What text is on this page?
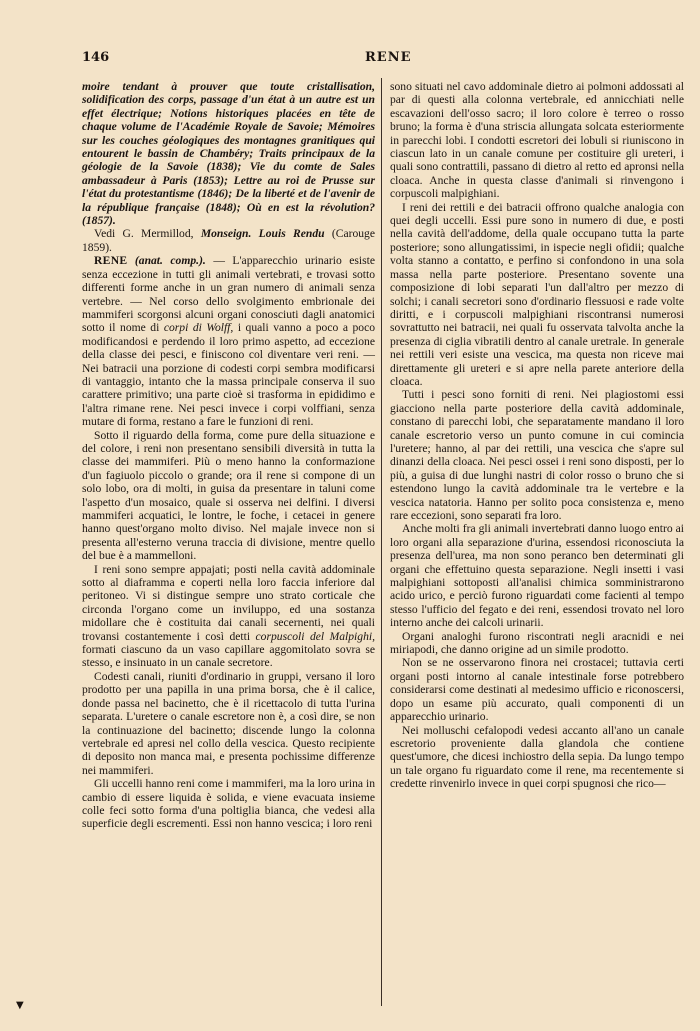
146	RENE

moire tendant à prouver que toute cristallisation, solidification des corps, passage d'un état à un autre est un effet électrique; Notions historiques placées en tête de chaque volume de l'Académie Royale de Savoie; Mémoires sur les couches géologiques des montagnes granitiques qui entourent le bassin de Chambéry; Traits principaux de la géologie de la Savoie (1838); Vie du comte de Sales ambassadeur à Paris (1853); Lettre au roi de Prusse sur l'état du protestantisme (1846); De la liberté et de l'avenir de la république française (1848); Où en est la révolution? (1857).

Vedi G. Mermillod, Monseign. Louis Rendu (Carouge 1859).

RENE (anat. comp.). — L'apparecchio urinario esiste senza eccezione in tutti gli animali vertebrati, e trovasi sotto differenti forme anche in un gran numero di animali senza vertebre. — Nel corso dello svolgimento embrionale dei mammiferi scorgonsi alcuni organi conosciuti dagli anatomici sotto il nome di corpi di Wolff, i quali vanno a poco a poco modificandosi e perdendo il loro primo aspetto, ad eccezione della classe dei pesci, e finiscono col diventare veri reni. — Nei batracii una porzione di codesti corpi sembra modificarsi di vantaggio, intanto che la massa principale conserva il suo carattere primitivo; una parte cioè si trasforma in epididimo e l'altra rimane rene. Nei pesci invece i corpi volffiani, senza mutare di forma, restano a fare le funzioni di reni.

Sotto il riguardo della forma, come pure della situazione e del colore, i reni non presentano sensibili diversità in tutta la classe dei mammiferi. Più o meno hanno la conformazione d'un fagiuolo piccolo o grande; ora il rene si compone di un solo lobo, ora di molti, in guisa da presentare in taluni come l'aspetto d'un mosaico, quale si osserva nei delfini. I diversi mammiferi acquatici, le lontre, le foche, i cetacei in genere hanno quest'organo molto diviso. Nel majale invece non si presenta all'esterno veruna traccia di divisione, mentre quello del bue è a mammelloni.

I reni sono sempre appajati; posti nella cavità addominale sotto al diaframma e coperti nella loro faccia inferiore dal peritoneo. Vi si distingue sempre uno strato corticale che circonda l'organo come un inviluppo, ed una sostanza midollare che è costituita dai canali secernenti, nei quali trovansi costantemente i così detti corpuscoli del Malpighi, formati ciascuno da un vaso capillare aggomitolato sovra se stesso, e insinuato in un canale secretore.

Codesti canali, riuniti d'ordinario in gruppi, versano il loro prodotto per una papilla in una prima borsa, che è il calice, donde passa nel bacinetto, che è il ricettacolo di tutta l'urina separata. L'uretere o canale escretore non è, a così dire, se non la continuazione del bacinetto; discende lungo la colonna vertebrale ed apresi nel collo della vescica. Questo recipiente di deposito non manca mai, e presenta pochissime differenze nei mammiferi.

Gli uccelli hanno reni come i mammiferi, ma la loro urina in cambio di essere liquida è solida, e viene evacuata insieme colle feci sotto forma d'una poltiglia bianca, che vedesi alla superficie degli escrementi. Essi non hanno vescica; i loro reni

sono situati nel cavo addominale dietro ai polmoni addossati al par di questi alla colonna vertebrale, ed annicchiati nelle escavazioni dell'osso sacro; il loro colore è terreo o rosso bruno; la forma è d'una striscia allungata solcata esteriormente in parecchi lobi. I condotti escretori dei lobuli si riuniscono in ciascun lato in un canale comune per costituire gli ureteri, i quali sono contrattili, passano di dietro al retto ed apronsi nella cloaca. Anche in questa classe d'animali si rinvengono i corpuscoli malpighiani.

I reni dei rettili e dei batracii offrono qualche analogia con quei degli uccelli. Essi pure sono in numero di due, e posti nella cavità dell'addome, della quale occupano tutta la parte posteriore; sono allungatissimi, in ispecie negli ofidii; qualche volta stanno a contatto, e perfino si confondono in una sola massa nella parte posteriore. Presentano sovente una composizione di lobi separati l'un dall'altro per mezzo di solchi; i canali secretori sono d'ordinario flessuosi e rade volte diritti, e i corpuscoli malpighiani riscontransi numerosi sovrattutto nei batracii, nei quali fu osservata talvolta anche la presenza di ciglia vibratili dentro al canale uretrale. In generale nei rettili veri esiste una vescica, ma questa non riceve mai direttamente gli ureteri e si apre nella parete anteriore della cloaca.

Tutti i pesci sono forniti di reni. Nei plagiostomi essi giacciono nella parte posteriore della cavità addominale, constano di parecchi lobi, che separatamente mandano il loro canale escretorio verso un punto comune in cui comincia l'uretere; hanno, al par dei rettili, una vescica che s'apre sul dinanzi della cloaca. Nei pesci ossei i reni sono disposti, per lo più, a guisa di due lunghi nastri di color rosso o bruno che si estendono lungo la cavità addominale tra le vertebre e la vescica natatoria. Hanno per solito poca consistenza e, meno rare eccezioni, sono separati fra loro.

Anche molti fra gli animali invertebrati danno luogo entro ai loro organi alla separazione d'urina, essendosi riconosciuta la presenza dell'urea, ma non sono peranco ben determinati gli organi che effettuino questa separazione. Negli insetti i vasi malpighiani sottoposti all'analisi chimica somministrarono acido urico, e perciò furono riguardati come facienti al tempo stesso l'ufficio del fegato e dei reni, essendosi trovato nel loro interno anche dei calcoli urinarii.

Organi analoghi furono riscontrati negli aracnidi e nei miriapodi, che danno origine ad un simile prodotto.

Non se ne osservarono finora nei crostacei; tuttavia certi organi posti intorno al canale intestinale forse potrebbero considerarsi come destinati al medesimo ufficio e riconoscersi, dopo un esame più accurato, quali componenti di un apparecchio urinario.

Nei molluschi cefalopodi vedesi accanto all'ano un canale escretorio proveniente dalla glandola che contiene quest'umore, che dicesi inchiostro della sepia. Da lungo tempo un tale organo fu riguardato come il rene, ma recentemente si credette rinvenirlo invece in quei corpi spugnosi che rico—

▼
